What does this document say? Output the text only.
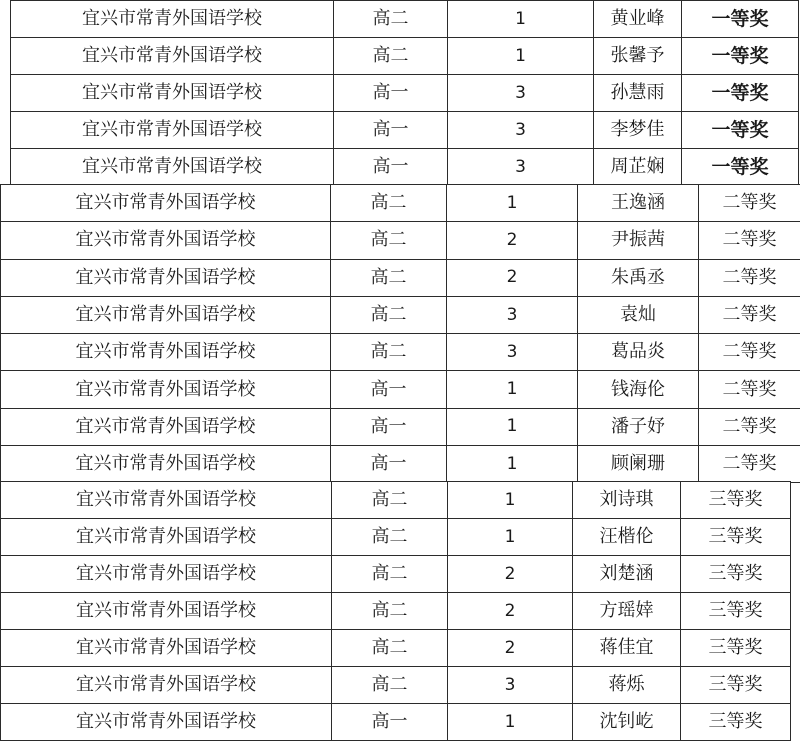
宜兴市常青外国语学校	高二	1	黄业峰	一等奖
宜兴市常青外国语学校	高二	1	张馨予	一等奖
宜兴市常青外国语学校	高一	3	孙慧雨	一等奖
宜兴市常青外国语学校	高一	3	李梦佳	一等奖
宜兴市常青外国语学校	高一	3	周芷娴	一等奖
宜兴市常青外国语学校	高二	1	王逸涵	二等奖
宜兴市常青外国语学校	高二	2	尹振茜	二等奖
宜兴市常青外国语学校	高二	2	朱禹丞	二等奖
宜兴市常青外国语学校	高二	3	袁灿	二等奖
宜兴市常青外国语学校	高二	3	葛品炎	二等奖
宜兴市常青外国语学校	高一	1	钱海伦	二等奖
宜兴市常青外国语学校	高一	1	潘子妤	二等奖
宜兴市常青外国语学校	高一	1	顾阑珊	二等奖
宜兴市常青外国语学校	高二	1	刘诗琪	三等奖
宜兴市常青外国语学校	高二	1	汪楷伦	三等奖
宜兴市常青外国语学校	高二	2	刘楚涵	三等奖
宜兴市常青外国语学校	高二	2	方瑶婞	三等奖
宜兴市常青外国语学校	高二	2	蒋佳宜	三等奖
宜兴市常青外国语学校	高二	3	蒋烁	三等奖
宜兴市常青外国语学校	高一	1	沈钊屹	三等奖
